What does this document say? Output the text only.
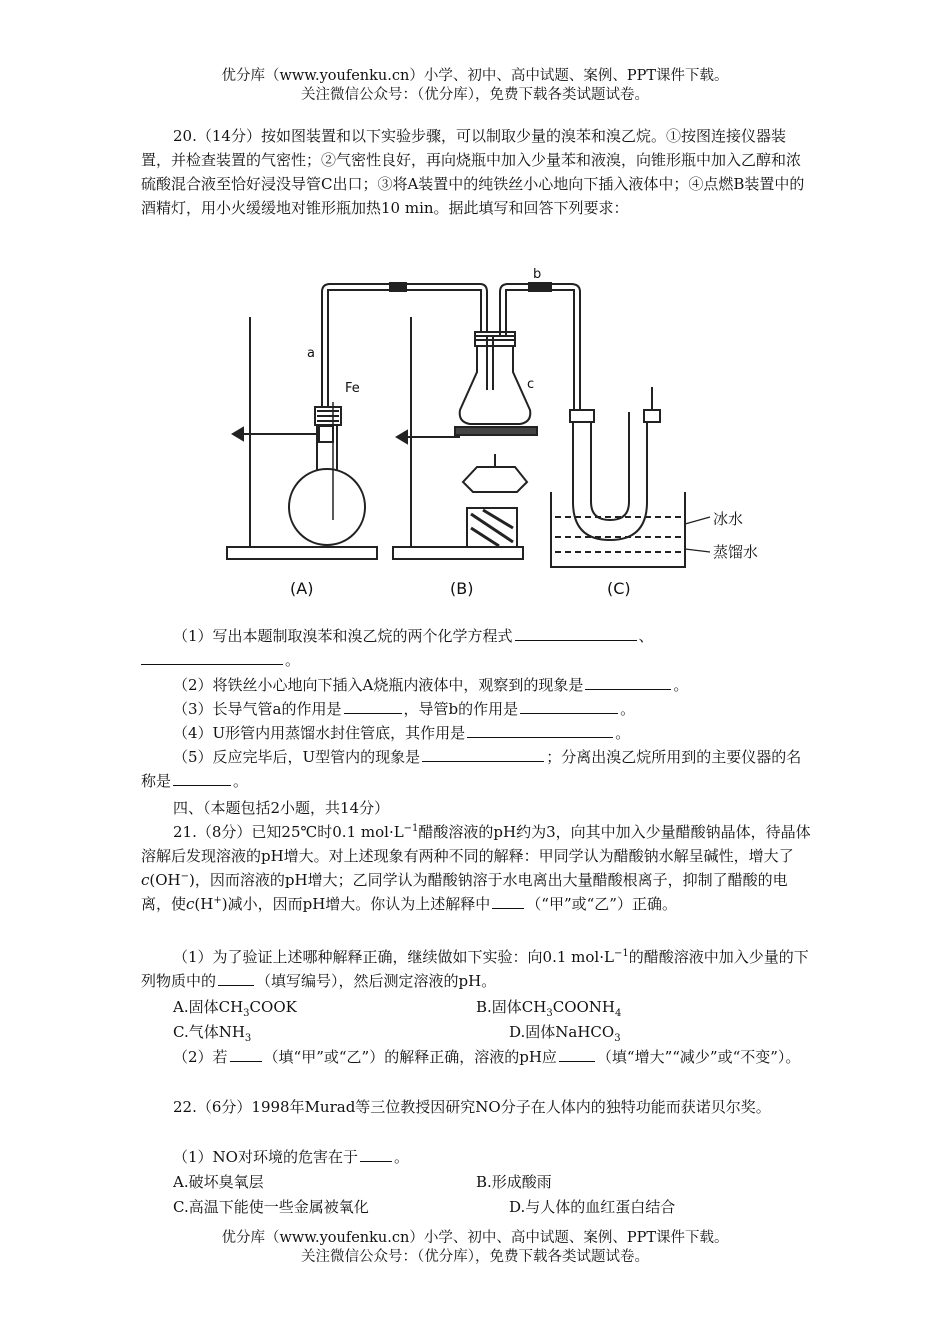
优分库（www.youfenku.cn）小学、初中、高中试题、案例、PPT课件下载。
关注微信公众号：（优分库），免费下载各类试题试卷。

20.（14分）按如图装置和以下实验步骤，可以制取少量的溴苯和溴乙烷。①按图连接仪器装置，并检查装置的气密性；②气密性良好，再向烧瓶中加入少量苯和液溴，向锥形瓶中加入乙醇和浓硫酸混合液至恰好浸没导管C出口；③将A装置中的纯铁丝小心地向下插入液体中；④点燃B装置中的酒精灯，用小火缓缓地对锥形瓶加热10 min。据此填写和回答下列要求：

a
b
c
Fe
冰水
蒸馏水
(A)	(B)	(C)

（1）写出本题制取溴苯和溴乙烷的两个化学方程式	、
。

（2）将铁丝小心地向下插入A烧瓶内液体中，观察到的现象是	。

（3）长导气管a的作用是	，导管b的作用是	。

（4）U形管内用蒸馏水封住管底，其作用是	。

（5）反应完毕后，U型管内的现象是	；分离出溴乙烷所用到的主要仪器的名称是	。

四、（本题包括2小题，共14分）

21.（8分）已知25℃时0.1 $mol\cdot L^{-1}$醋酸溶液的pH约为3，向其中加入少量醋酸钠晶体，待晶体溶解后发现溶液的pH增大。对上述现象有两种不同的解释：甲同学认为醋酸钠水解呈碱性，增大了c(OH−)，因而溶液的pH增大；乙同学认为醋酸钠溶于水电离出大量醋酸根离子，抑制了醋酸的电离，使c(H+)减小，因而pH增大。你认为上述解释中 （“甲”或“乙”）正确。

（1）为了验证上述哪种解释正确，继续做如下实验：向0.1 $mol\cdot L^{-1}$的醋酸溶液中加入少量的下列物质中的	（填写编号），然后测定溶液的pH。

A.固体$CH_3COOK$	B.固体$CH_3COONH_4$
C.气体$NH_3$	D.固体NaHCO$_3$

（2）若 （填“甲”或“乙”）的解释正确，溶液的pH应	（填“增大”“减少”或“不变”）。

22.（6分）1998年Murad等三位教授因研究NO分子在人体内的独特功能而获诺贝尔奖。

（1）NO对环境的危害在于 。

A.破坏臭氧层	B.形成酸雨
C.高温下能使一些金属被氧化	D.与人体的血红蛋白结合
优分库（www.youfenku.cn）小学、初中、高中试题、案例、PPT课件下载。
关注微信公众号：（优分库），免费下载各类试题试卷。
